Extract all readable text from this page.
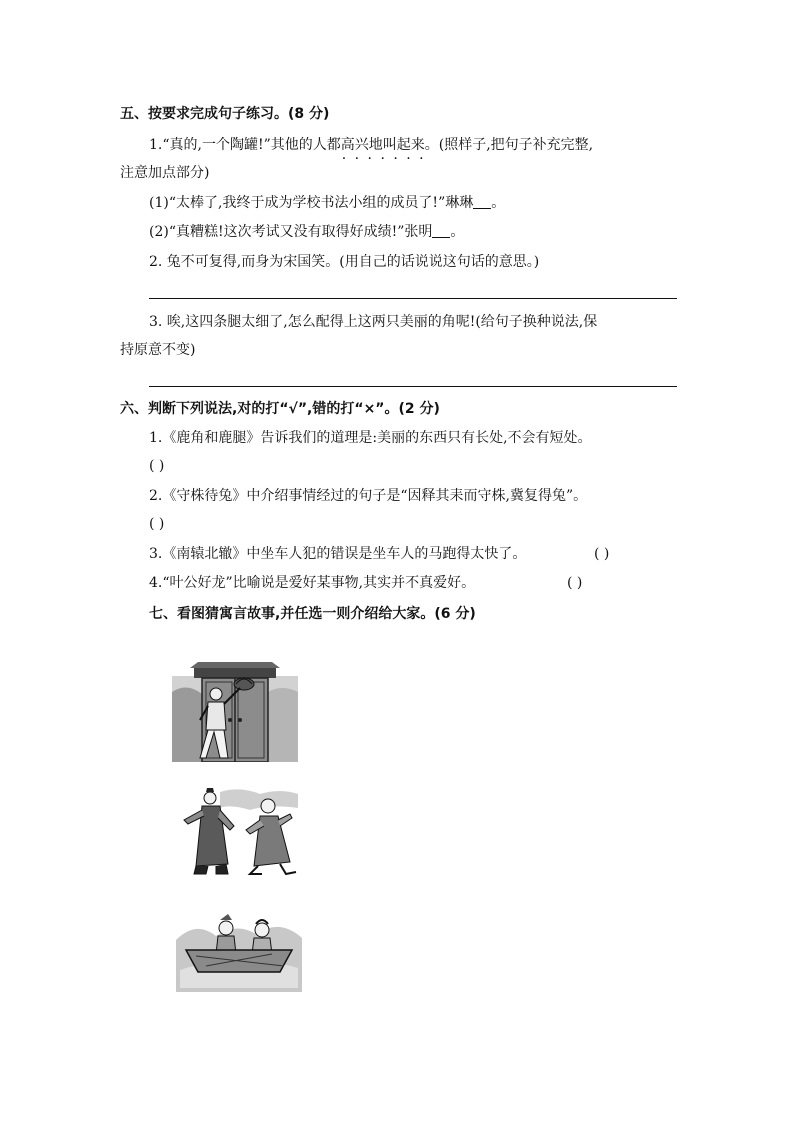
五、按要求完成句子练习。(8 分)
1.“真的,一个陶罐!”其他的人都高兴地叫起来 · · ·。(照样子,把句子补充完整,
注意加点部分)
(1)“太棒了,我终于成为学校书法小组的成员了!”琳琳 。
(2)“真糟糕!这次考试又没有取得好成绩!”张明 。
2. 兔不可复得,而身为宋国笑。(用自己的话说说这句话的意思。)
3. 唉,这四条腿太细了,怎么配得上这两只美丽的角呢!(给句子换种说法,保
持原意不变)
六、判断下列说法,对的打“√”,错的打“×”。(2 分)
1.《鹿角和鹿腿》告诉我们的道理是:美丽的东西只有长处,不会有短处。
( )
2.《守株待兔》中介绍事情经过的句子是“因释其耒而守株,冀复得兔”。
( )
3.《南辕北辙》中坐车人犯的错误是坐车人的马跑得太快了。	( )
4.“叶公好龙”比喻说是爱好某事物,其实并不真爱好。	( )
七、看图猜寓言故事,并任选一则介绍给大家。(6 分)
